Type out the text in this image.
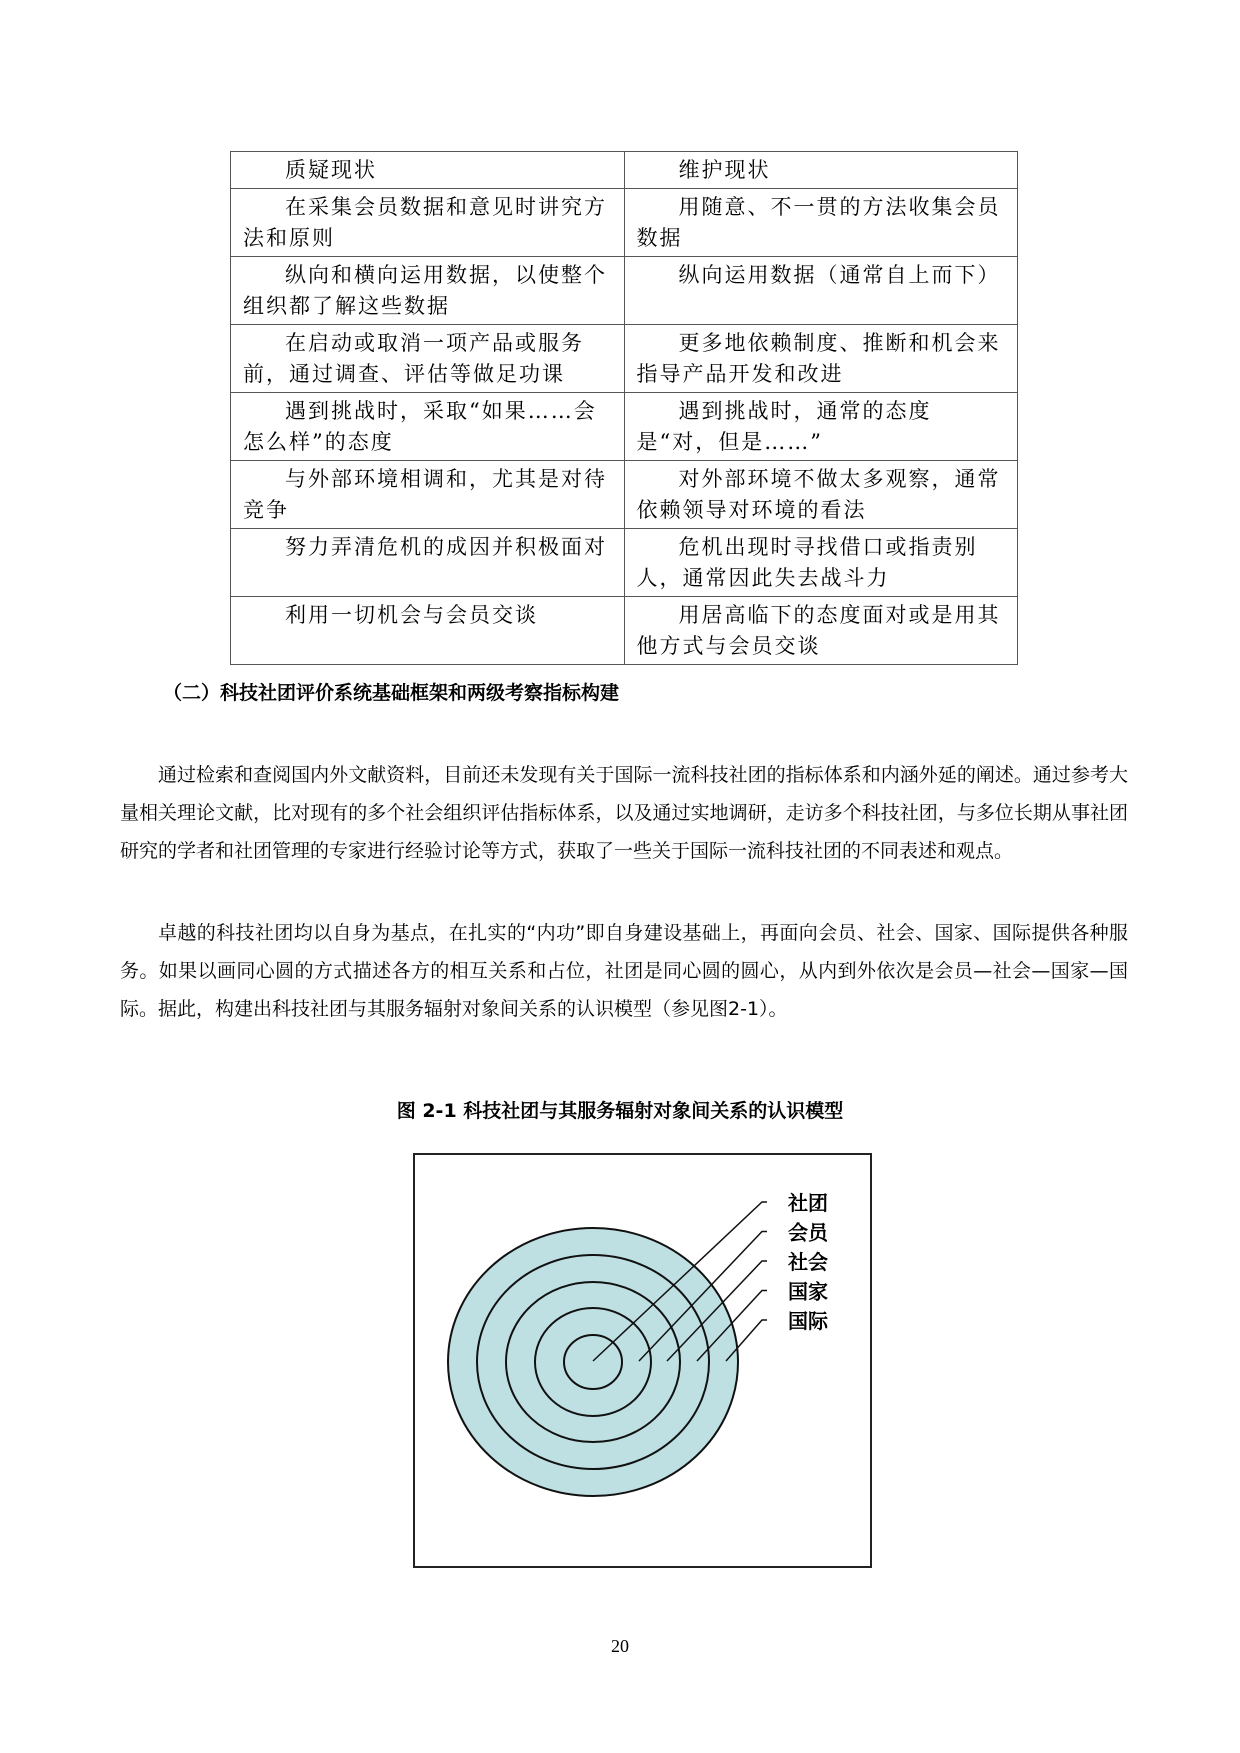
质疑现状	维护现状
在采集会员数据和意见时讲究方法和原则	用随意、不一贯的方法收集会员数据
纵向和横向运用数据，以使整个组织都了解这些数据	纵向运用数据（通常自上而下）
在启动或取消一项产品或服务前，通过调查、评估等做足功课	更多地依赖制度、推断和机会来指导产品开发和改进
遇到挑战时，采取“如果……会怎么样”的态度	遇到挑战时，通常的态度是“对，但是……”
与外部环境相调和，尤其是对待竞争	对外部环境不做太多观察，通常依赖领导对环境的看法
努力弄清危机的成因并积极面对	危机出现时寻找借口或指责别人，通常因此失去战斗力
利用一切机会与会员交谈	用居高临下的态度面对或是用其他方式与会员交谈
（二）科技社团评价系统基础框架和两级考察指标构建
通过检索和查阅国内外文献资料，目前还未发现有关于国际一流科技社团的指标体系和内涵外延的阐述。通过参考大量相关理论文献，比对现有的多个社会组织评估指标体系，以及通过实地调研，走访多个科技社团，与多位长期从事社团研究的学者和社团管理的专家进行经验讨论等方式，获取了一些关于国际一流科技社团的不同表述和观点。
卓越的科技社团均以自身为基点，在扎实的“内功”即自身建设基础上，再面向会员、社会、国家、国际提供各种服务。如果以画同心圆的方式描述各方的相互关系和占位，社团是同心圆的圆心，从内到外依次是会员—社会—国家—国际。据此，构建出科技社团与其服务辐射对象间关系的认识模型（参见图2-1）。
图 2-1 科技社团与其服务辐射对象间关系的认识模型
社团
会员
社会
国家
国际
20
